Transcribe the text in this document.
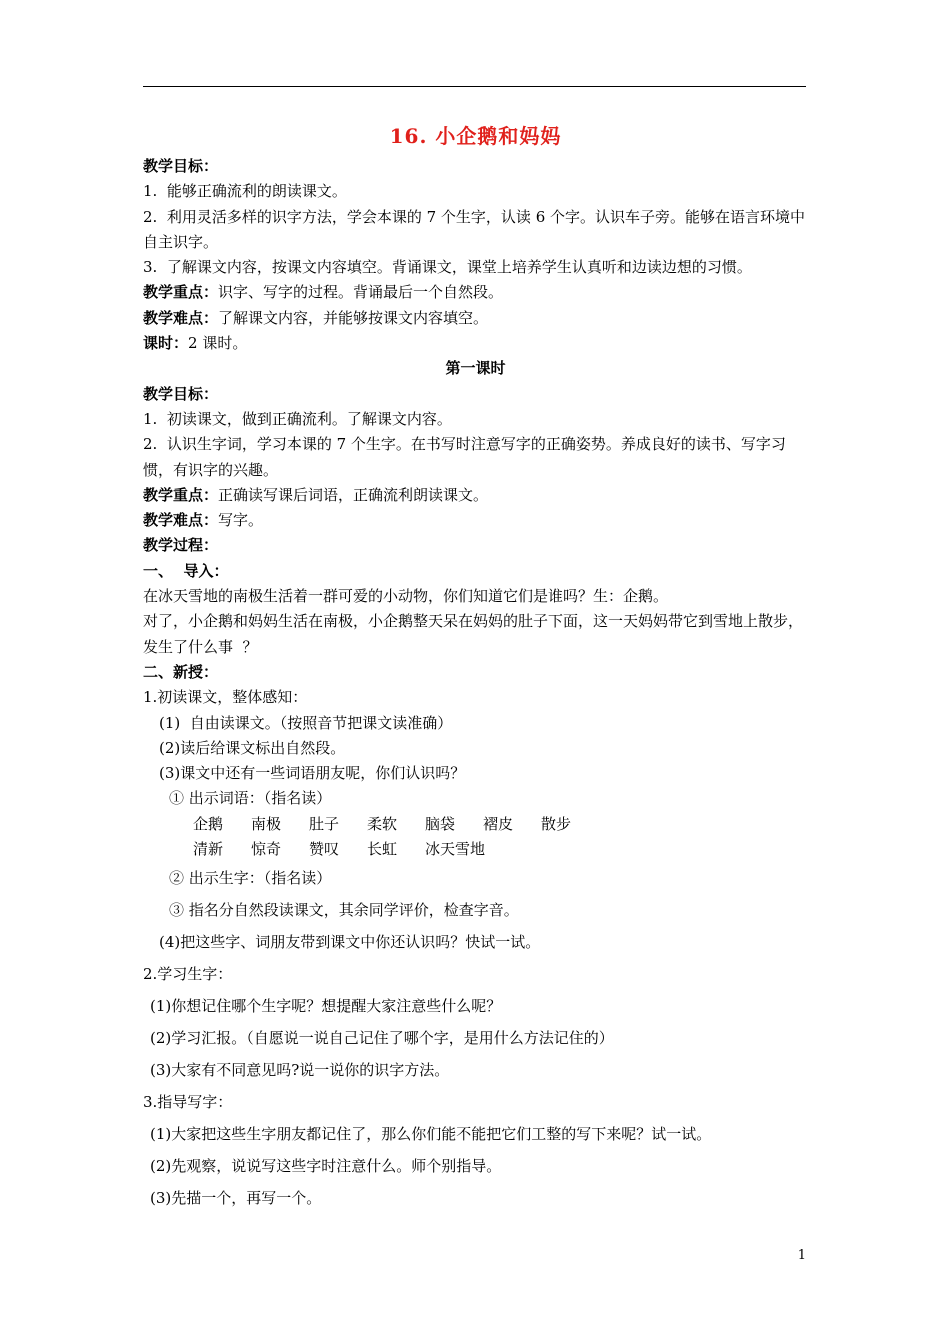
16. 小企鹅和妈妈

教学目标：

1.  能够正确流利的朗读课文。

2.  利用灵活多样的识字方法，学会本课的 7 个生字，认读 6 个字。认识车子旁。能够在语言环境中自主识字。

3.  了解课文内容，按课文内容填空。背诵课文，课堂上培养学生认真听和边读边想的习惯。

教学重点：识字、写字的过程。背诵最后一个自然段。

教学难点：了解课文内容，并能够按课文内容填空。

课时：2 课时。

第一课时

教学目标：

1.  初读课文，做到正确流利。了解课文内容。

2.  认识生字词，学习本课的 7 个生字。在书写时注意写字的正确姿势。养成良好的读书、写字习惯，有识字的兴趣。

教学重点：正确读写课后词语，正确流利朗读课文。

教学难点：写字。

教学过程：

一、  导入：

在冰天雪地的南极生活着一群可爱的小动物，你们知道它们是谁吗？生：企鹅。

对了，小企鹅和妈妈生活在南极，小企鹅整天呆在妈妈的肚子下面，这一天妈妈带它到雪地上散步，发生了什么事  ？

二、新授：

1.初读课文，整体感知：

(1)  自由读课文。（按照音节把课文读准确）

(2)读后给课文标出自然段。

(3)课文中还有一些词语朋友呢，你们认识吗？

① 出示词语：（指名读）

企鹅	南极	肚子	柔软	脑袋	褶皮	散步
清新	惊奇	赞叹	长虹	冰天雪地

② 出示生字：（指名读）

③ 指名分自然段读课文，其余同学评价，检查字音。

(4)把这些字、词朋友带到课文中你还认识吗？快试一试。

2.学习生字：

(1)你想记住哪个生字呢？想提醒大家注意些什么呢？

(2)学习汇报。（自愿说一说自己记住了哪个字，是用什么方法记住的）

(3)大家有不同意见吗?说一说你的识字方法。

3.指导写字：

(1)大家把这些生字朋友都记住了，那么你们能不能把它们工整的写下来呢？试一试。

(2)先观察，说说写这些字时注意什么。师个别指导。

(3)先描一个，再写一个。

1
